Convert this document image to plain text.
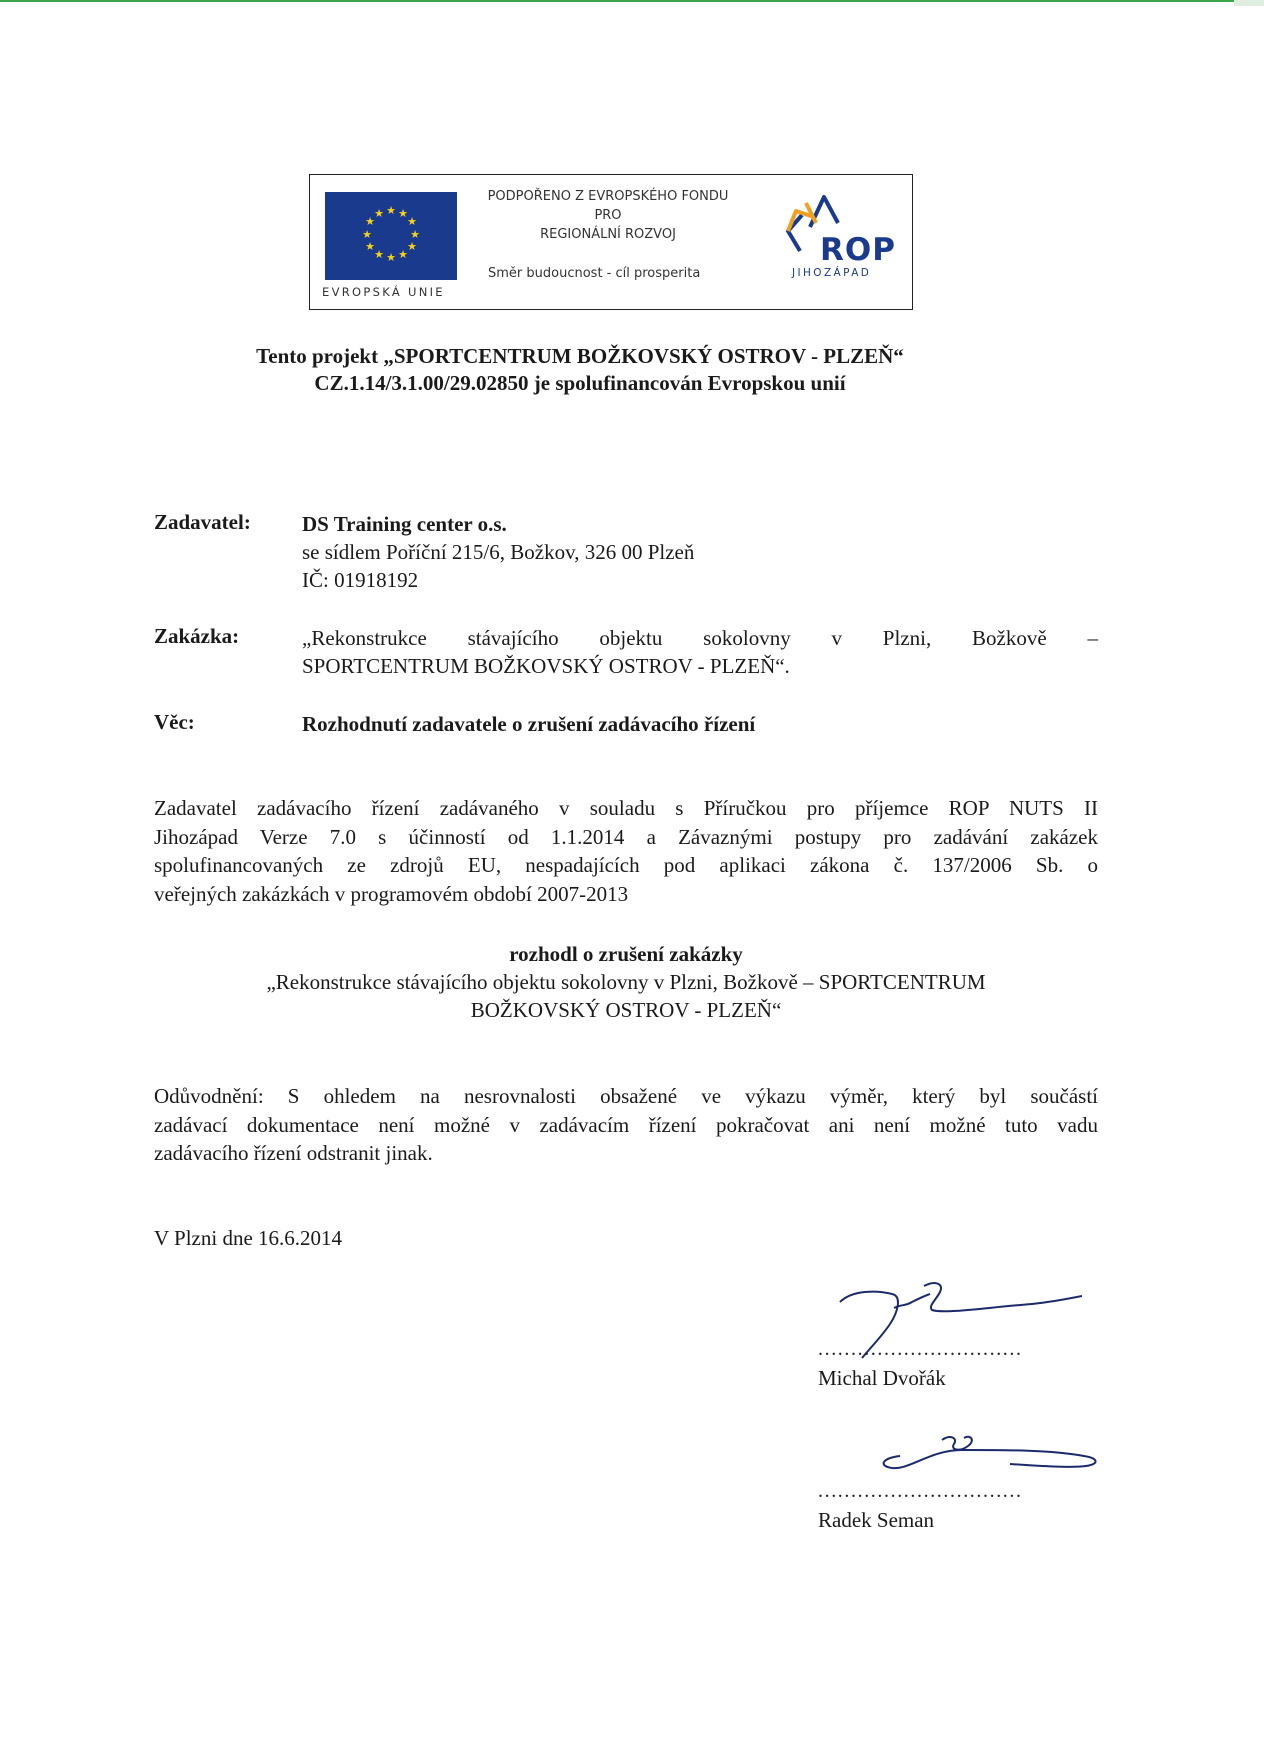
★ ★
★
★
★
★
★
★
★
★
★
★
EVROPSKÁ UNIE
PODPOŘENO Z EVROPSKÉHO FONDU
PRO
REGIONÁLNÍ ROZVOJ
Směr budoucnost - cíl prosperita
ROP
JIHOZÁPAD
Tento projekt „SPORTCENTRUM BOŽKOVSKÝ OSTROV - PLZEŇ“
CZ.1.14/3.1.00/29.02850 je spolufinancován Evropskou unií
Zadavatel: DS Training center o.s.
se sídlem Poříční 215/6, Božkov, 326 00 Plzeň
IČ: 01918192
Zakázka:	„Rekonstrukce stávajícího objektu sokolovny v Plzni, Božkově –
SPORTCENTRUM BOŽKOVSKÝ OSTROV - PLZEŇ“.
Věc:	Rozhodnutí zadavatele o zrušení zadávacího řízení
Zadavatel zadávacího řízení zadávaného v souladu s Příručkou pro příjemce ROP NUTS II
Jihozápad Verze 7.0 s účinností od 1.1.2014 a Závaznými postupy pro zadávání zakázek
spolufinancovaných ze zdrojů EU, nespadajících pod aplikaci zákona č. 137/2006 Sb. o
veřejných zakázkách v programovém období 2007-2013
rozhodl o zrušení zakázky
„Rekonstrukce stávajícího objektu sokolovny v Plzni, Božkově – SPORTCENTRUM
BOŽKOVSKÝ OSTROV - PLZEŇ“
Odůvodnění: S ohledem na nesrovnalosti obsažené ve výkazu výměr, který byl součástí
zadávací dokumentace není možné v zadávacím řízení pokračovat ani není možné tuto vadu
zadávacího řízení odstranit jinak.
V Plzni dne 16.6.2014
...............................
Michal Dvořák
...............................
Radek Seman
